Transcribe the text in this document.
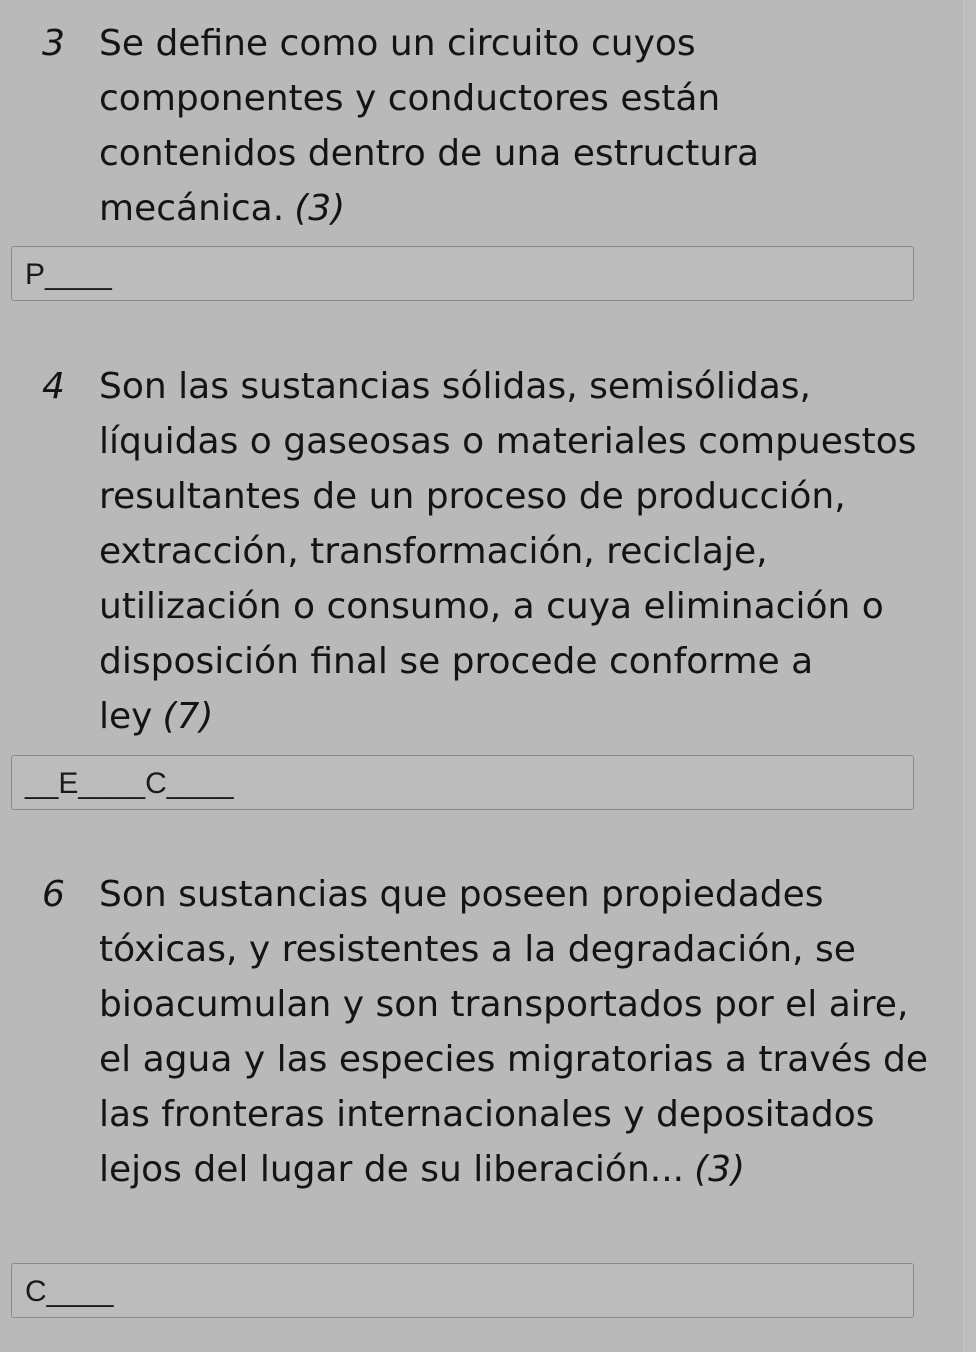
3 Se define como un circuito cuyos componentes y conductores están contenidos dentro de una estructura mecánica. (3)

P____
4 Son las sustancias sólidas, semisólidas, líquidas o gaseosas o materiales compuestos resultantes de un proceso de producción, extracción, transformación, reciclaje, utilización o consumo, a cuya eliminación o disposición final se procede conforme a ley (7)

__E____C____
6 Son sustancias que poseen propiedades tóxicas, y resistentes a la degradación, se bioacumulan y son transportados por el aire, el agua y las especies migratorias a través de las fronteras internacionales y depositados lejos del lugar de su liberación... (3)

C____
